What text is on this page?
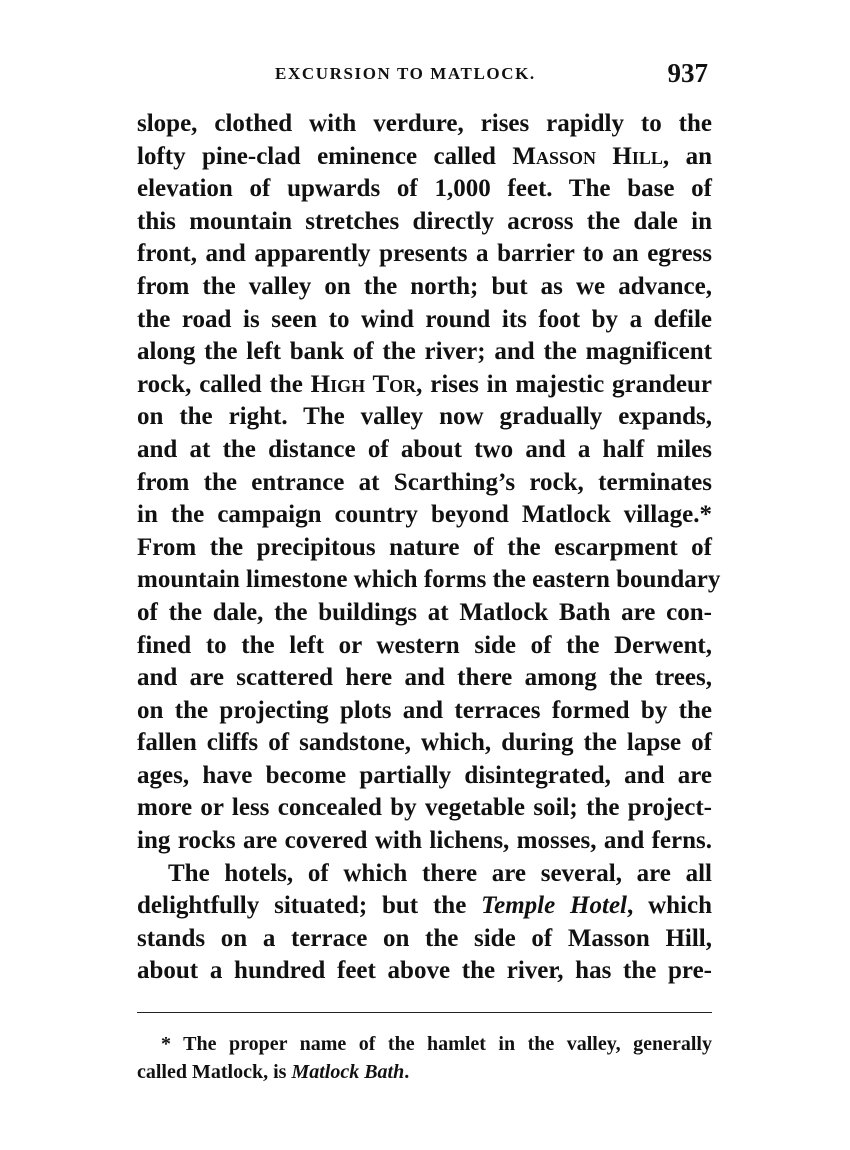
EXCURSION TO MATLOCK.	937
slope, clothed with verdure, rises rapidly to the
lofty pine-clad eminence called Masson Hill, an
elevation of upwards of 1,000 feet. The base of
this mountain stretches directly across the dale in
front, and apparently presents a barrier to an egress
from the valley on the north; but as we advance,
the road is seen to wind round its foot by a defile
along the left bank of the river; and the magnificent
rock, called the High Tor, rises in majestic grandeur
on the right. The valley now gradually expands,
and at the distance of about two and a half miles
from the entrance at Scarthing’s rock, terminates
in the campaign country beyond Matlock village.*
From the precipitous nature of the escarpment of
mountain limestone which forms the eastern boundary
of the dale, the buildings at Matlock Bath are con-
fined to the left or western side of the Derwent,
and are scattered here and there among the trees,
on the projecting plots and terraces formed by the
fallen cliffs of sandstone, which, during the lapse of
ages, have become partially disintegrated, and are
more or less concealed by vegetable soil; the project-
ing rocks are covered with lichens, mosses, and ferns.
The hotels, of which there are several, are all
delightfully situated; but the Temple Hotel, which
stands on a terrace on the side of Masson Hill,
about a hundred feet above the river, has the pre-
* The proper name of the hamlet in the valley, generally
called Matlock, is Matlock Bath.
